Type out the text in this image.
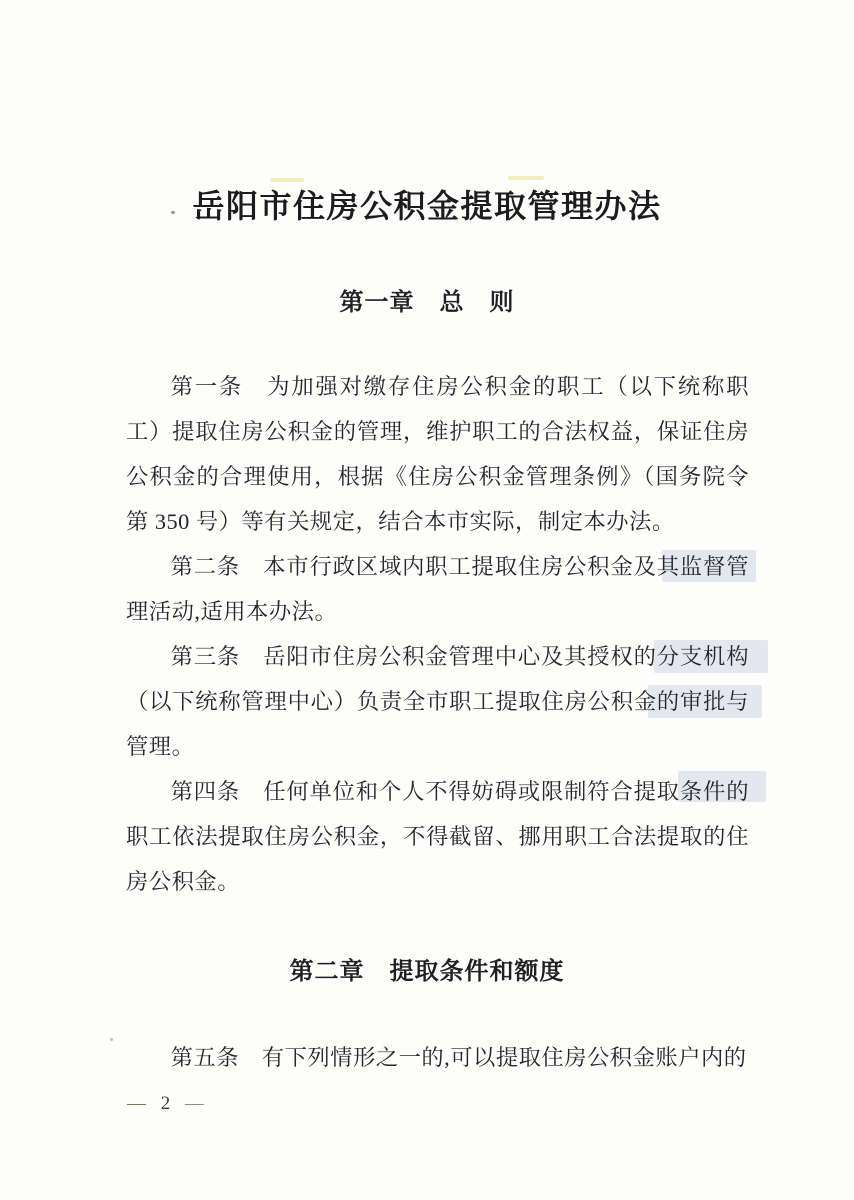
岳阳市住房公积金提取管理办法
第一章　总　则

第一条　为加强对缴存住房公积金的职工（以下统称职工）提取住房公积金的管理，维护职工的合法权益，保证住房公积金的合理使用，根据《住房公积金管理条例》（国务院令第 350 号）等有关规定，结合本市实际，制定本办法。

第二条　本市行政区域内职工提取住房公积金及其监督管理活动,适用本办法。

第三条　岳阳市住房公积金管理中心及其授权的分支机构（以下统称管理中心）负责全市职工提取住房公积金的审批与管理。

第四条　任何单位和个人不得妨碍或限制符合提取条件的职工依法提取住房公积金，不得截留、挪用职工合法提取的住房公积金。

第二章　提取条件和额度

第五条　有下列情形之一的,可以提取住房公积金账户内的

— 2 —
